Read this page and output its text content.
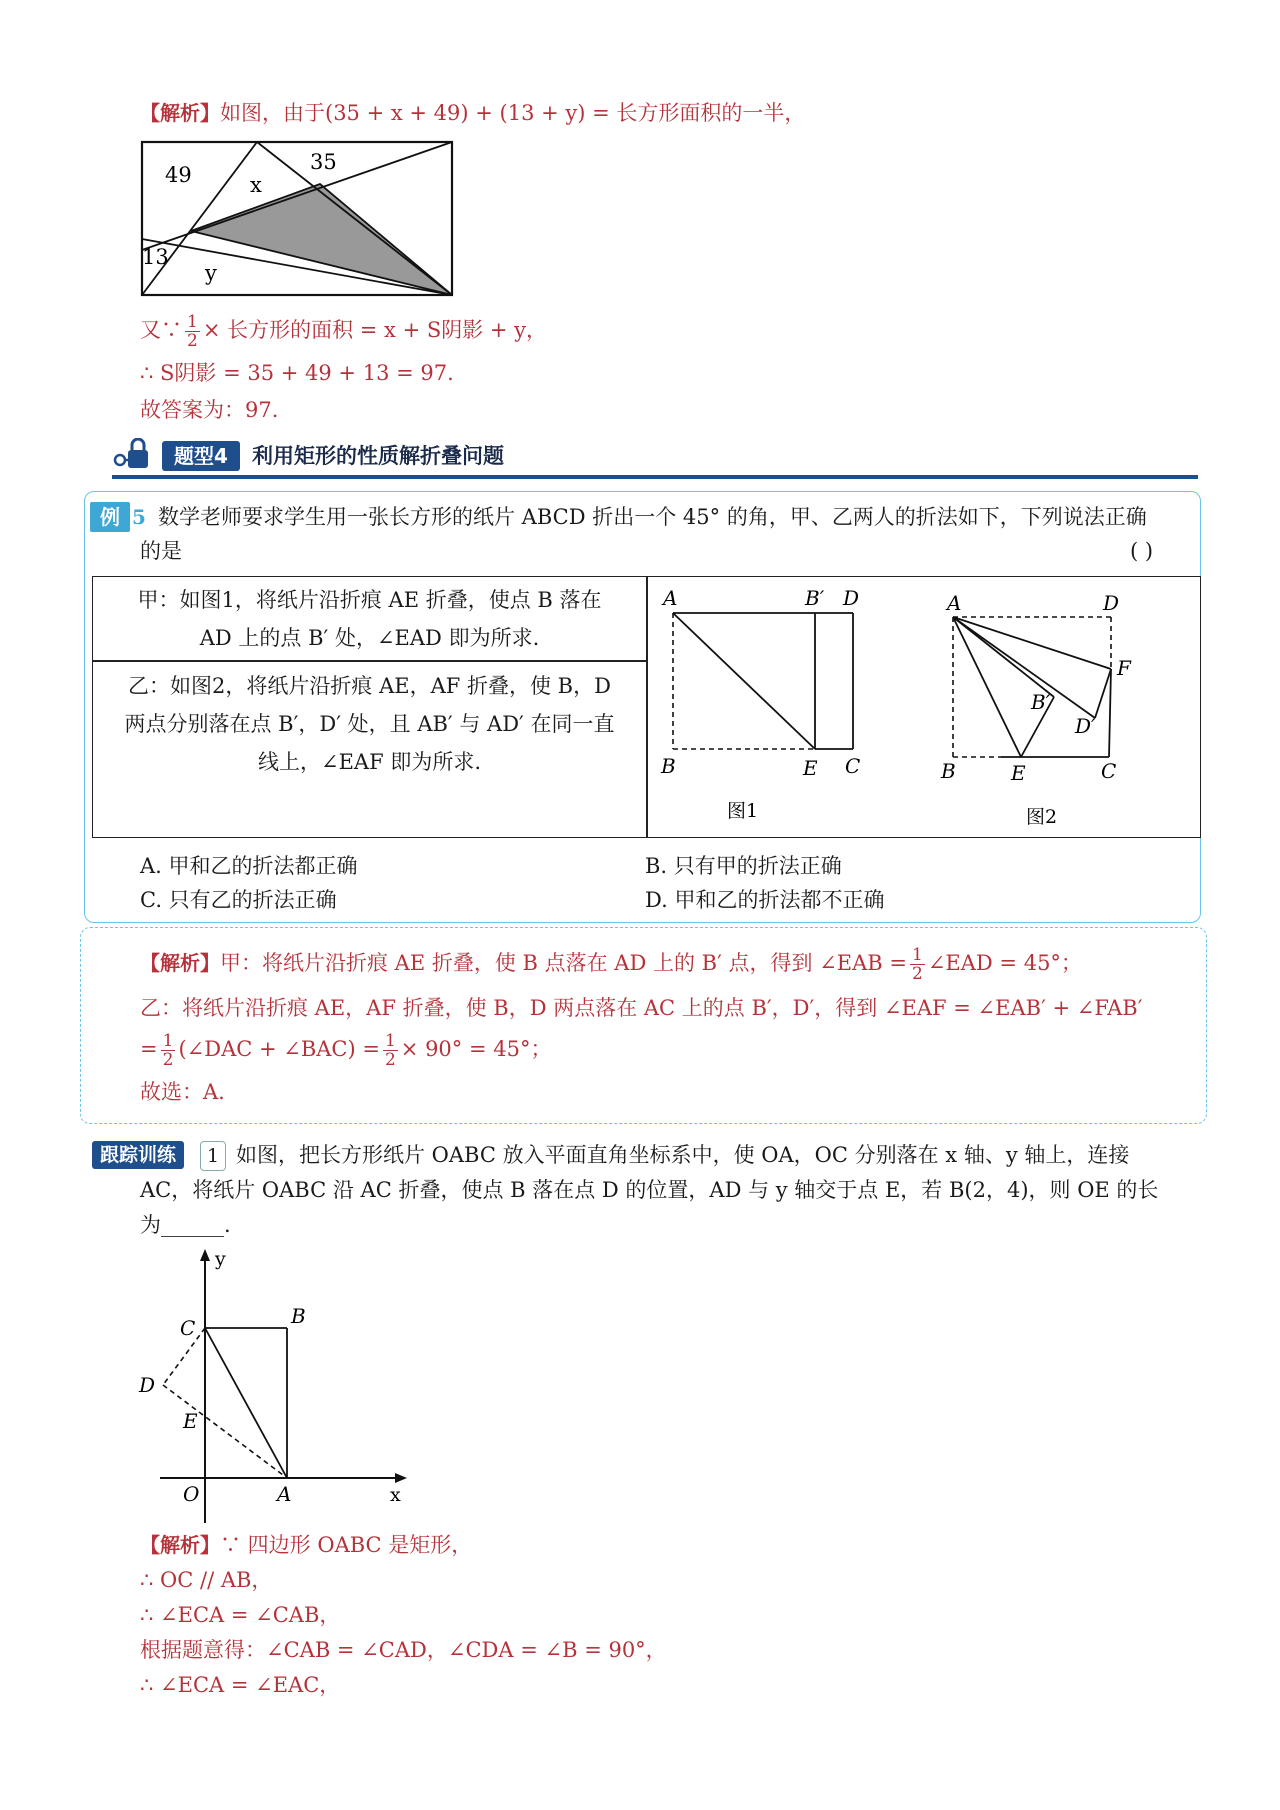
【解析】如图，由于(35 + x + 49) + (13 + y) = 长方形面积的一半，
49
35
x
13
y
又∵ $\frac{1}{2}$ × 长方形的面积 = x + S阴影 + y，
∴ S阴影 = 35 + 49 + 13 = 97.
故答案为：97.
题型4	利用矩形的性质解折叠问题
例 5 数学老师要求学生用一张长方形的纸片 ABCD 折出一个 45° 的角，甲、乙两人的折法如下，下列说法正确
的是	( )
甲：如图1，将纸片沿折痕 AE 折叠，使点 B 落在
AD 上的点 B′ 处，∠EAD 即为所求.
乙：如图2，将纸片沿折痕 AE，AF 折叠，使 B，D
两点分别落在点 B′，D′ 处，且 AB′ 与 AD′ 在同一直
线上，∠EAF 即为所求.
A	B′ D
B	E C
图1
A	D
F
B′
D′
B	E	C
图2
A. 甲和乙的折法都正确	B. 只有甲的折法正确
C. 只有乙的折法正确	D. 甲和乙的折法都不正确
【解析】甲：将纸片沿折痕 AE 折叠，使 B 点落在 AD 上的 B′ 点，得到 ∠EAB = $\frac{1}{2}$ ∠EAD = 45°；
乙：将纸片沿折痕 AE，AF 折叠，使 B，D 两点落在 AC 上的点 B′，D′，得到 ∠EAF = ∠EAB′ + ∠FAB′
= $\frac{1}{2}$ (∠DAC + ∠BAC) = $\frac{1}{2} \times 90^\circ = 45^\circ$；
故选：A.
跟踪训练	1 如图，把长方形纸片 OABC 放入平面直角坐标系中，使 OA，OC 分别落在 x 轴、y 轴上，连接
AC，将纸片 OABC 沿 AC 折叠，使点 B 落在点 D 的位置，AD 与 y 轴交于点 E，若 B(2，4)，则 OE 的长
为______.
y
x
C	B
D
E
O	A
【解析】∵ 四边形 OABC 是矩形，
∴ OC // AB，
∴ ∠ECA = ∠CAB，
根据题意得：∠CAB = ∠CAD，∠CDA = ∠B = 90°，
∴ ∠ECA = ∠EAC，
